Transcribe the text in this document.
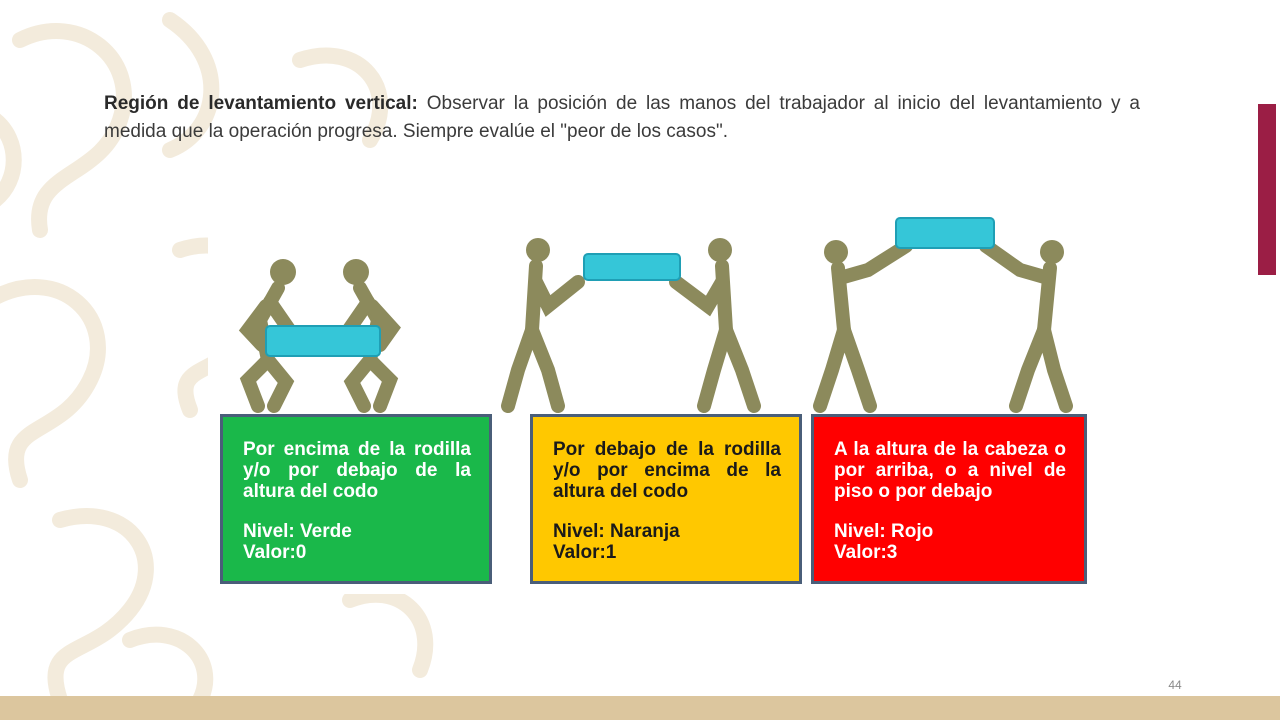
Región de levantamiento vertical: Observar la posición de las manos del trabajador al inicio del levantamiento y a medida que la operación progresa. Siempre evalúe el "peor de los casos".

Por encima de la rodilla y/o por debajo de la altura del codo
Nivel: Verde
Valor:0
Por debajo de la rodilla y/o por encima de la altura del codo
Nivel: Naranja
Valor:1
A la altura de la cabeza o por arriba, o a nivel de piso o por debajo
Nivel: Rojo
Valor:3
44
